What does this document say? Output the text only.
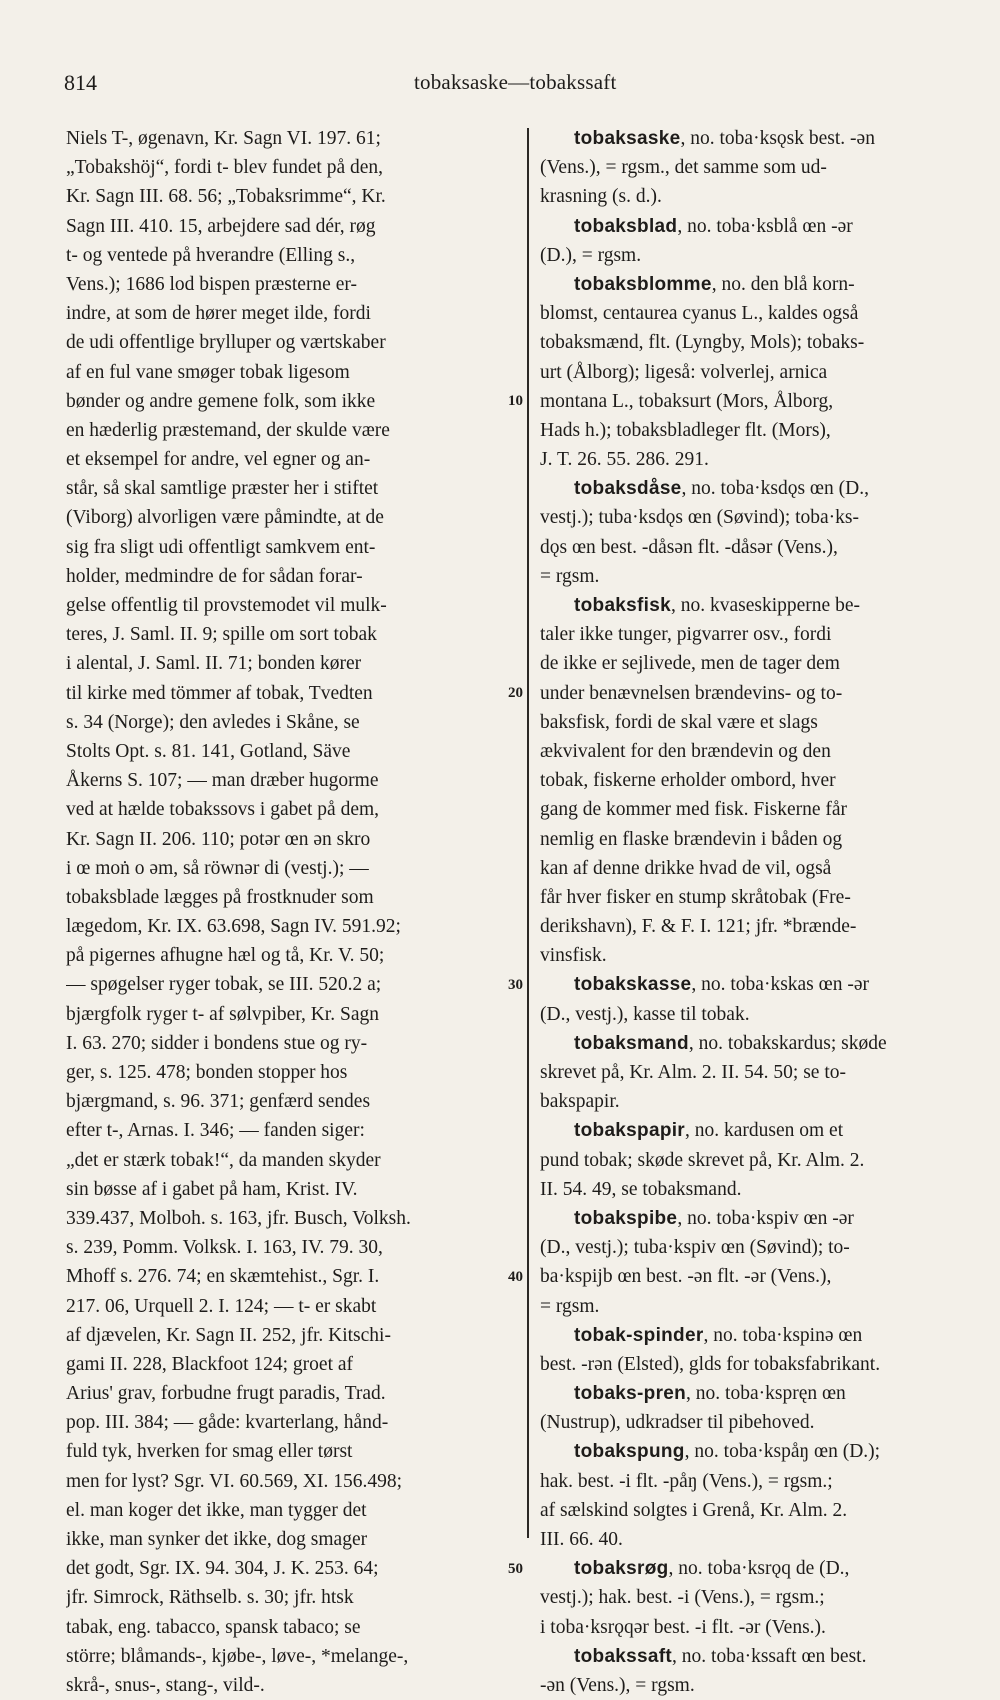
814	tobaksaske—tobakssaft
Niels T-, øgenavn, Kr. Sagn VI. 197. 61;
„Tobakshöj“, fordi t- blev fundet på den,
Kr. Sagn III. 68. 56; „Tobaksrimme“, Kr.
Sagn III. 410. 15, arbejdere sad dér, røg
t- og ventede på hverandre (Elling s.,
Vens.); 1686 lod bispen præsterne er-
indre, at som de hører meget ilde, fordi
de udi offentlige brylluper og værtskaber
af en ful vane smøger tobak ligesom
bønder og andre gemene folk, som ikke
en hæderlig præstemand, der skulde være
et eksempel for andre, vel egner og an-
står, så skal samtlige præster her i stiftet
(Viborg) alvorligen være påmindte, at de
sig fra sligt udi offentligt samkvem ent-
holder, medmindre de for sådan forar-
gelse offentlig til provstemodet vil mulk-
teres, J. Saml. II. 9; spille om sort tobak
i alental, J. Saml. II. 71; bonden kører
til kirke med tömmer af tobak, Tvedten
s. 34 (Norge); den avledes i Skåne, se
Stolts Opt. s. 81. 141, Gotland, Säve
Åkerns S. 107; — man dræber hugorme
ved at hælde tobakssovs i gabet på dem,
Kr. Sagn II. 206. 110; potər œn ən skro
i œ moṅ o əm, så röwnər di (vestj.); —
tobaksblade lægges på frostknuder som
lægedom, Kr. IX. 63.698, Sagn IV. 591.92;
på pigernes afhugne hæl og tå, Kr. V. 50;
— spøgelser ryger tobak, se III. 520.2 a;
bjærgfolk ryger t- af sølvpiber, Kr. Sagn
I. 63. 270; sidder i bondens stue og ry-
ger, s. 125. 478; bonden stopper hos
bjærgmand, s. 96. 371; genfærd sendes
efter t-, Arnas. I. 346; — fanden siger:
„det er stærk tobak!“, da manden skyder
sin bøsse af i gabet på ham, Krist. IV.
339.437, Molboh. s. 163, jfr. Busch, Volksh.
s. 239, Pomm. Volksk. I. 163, IV. 79. 30,
Mhoff s. 276. 74; en skæmtehist., Sgr. I.
217. 06, Urquell 2. I. 124; — t- er skabt
af djævelen, Kr. Sagn II. 252, jfr. Kitschi-
gami II. 228, Blackfoot 124; groet af
Arius' grav, forbudne frugt paradis, Trad.
pop. III. 384; — gåde: kvarterlang, hånd-
fuld tyk, hverken for smag eller tørst
men for lyst? Sgr. VI. 60.569, XI. 156.498;
el. man koger det ikke, man tygger det
ikke, man synker det ikke, dog smager
det godt, Sgr. IX. 94. 304, J. K. 253. 64;
jfr. Simrock, Räthselb. s. 30; jfr. htsk
tabak, eng. tabacco, spansk tabaco; se
större; blåmands-, kjøbe-, løve-, *melange-,
skrå-, snus-, stang-, vild-.
10
20
30
40
50
tobaksaske, no. toba·ksǫsk best. -ən
(Vens.), = rgsm., det samme som ud-
krasning (s. d.).
tobaksblad, no. toba·ksblå œn -ər
(D.), = rgsm.
tobaksblomme, no. den blå korn-
blomst, centaurea cyanus L., kaldes også
tobaksmænd, flt. (Lyngby, Mols); tobaks-
urt (Ålborg); ligeså: volverlej, arnica
montana L., tobaksurt (Mors, Ålborg,
Hads h.); tobaksbladleger flt. (Mors),
J. T. 26. 55. 286. 291.
tobaksdåse, no. toba·ksdǫs œn (D.,
vestj.); tuba·ksdǫs œn (Søvind); toba·ks-
dǫs œn best. -dåsən flt. -dåsər (Vens.),
= rgsm.
tobaksfisk, no. kvaseskipperne be-
taler ikke tunger, pigvarrer osv., fordi
de ikke er sejlivede, men de tager dem
under benævnelsen brændevins- og to-
baksfisk, fordi de skal være et slags
ækvivalent for den brændevin og den
tobak, fiskerne erholder ombord, hver
gang de kommer med fisk. Fiskerne får
nemlig en flaske brændevin i båden og
kan af denne drikke hvad de vil, også
får hver fisker en stump skråtobak (Fre-
derikshavn), F. & F. I. 121; jfr. *brænde-
vinsfisk.
tobakskasse, no. toba·kskas œn -ər
(D., vestj.), kasse til tobak.
tobaksmand, no. tobakskardus; skøde
skrevet på, Kr. Alm. 2. II. 54. 50; se to-
bakspapir.
tobakspapir, no. kardusen om et
pund tobak; skøde skrevet på, Kr. Alm. 2.
II. 54. 49, se tobaksmand.
tobakspibe, no. toba·kspiv œn -ər
(D., vestj.); tuba·kspiv œn (Søvind); to-
ba·kspijb œn best. -ən flt. -ər (Vens.),
= rgsm.
tobak-spinder, no. toba·kspinə œn
best. -rən (Elsted), glds for tobaksfabrikant.
tobaks-pren, no. toba·kspręn œn
(Nustrup), udkradser til pibehoved.
tobakspung, no. toba·kspåŋ œn (D.);
hak. best. -i flt. -påŋ (Vens.), = rgsm.;
af sælskind solgtes i Grenå, Kr. Alm. 2.
III. 66. 40.
tobaksrøg, no. toba·ksrǫq de (D.,
vestj.); hak. best. -i (Vens.), = rgsm.;
i toba·ksrǫqər best. -i flt. -ər (Vens.).
tobakssaft, no. toba·kssaft œn best.
-ən (Vens.), = rgsm.
